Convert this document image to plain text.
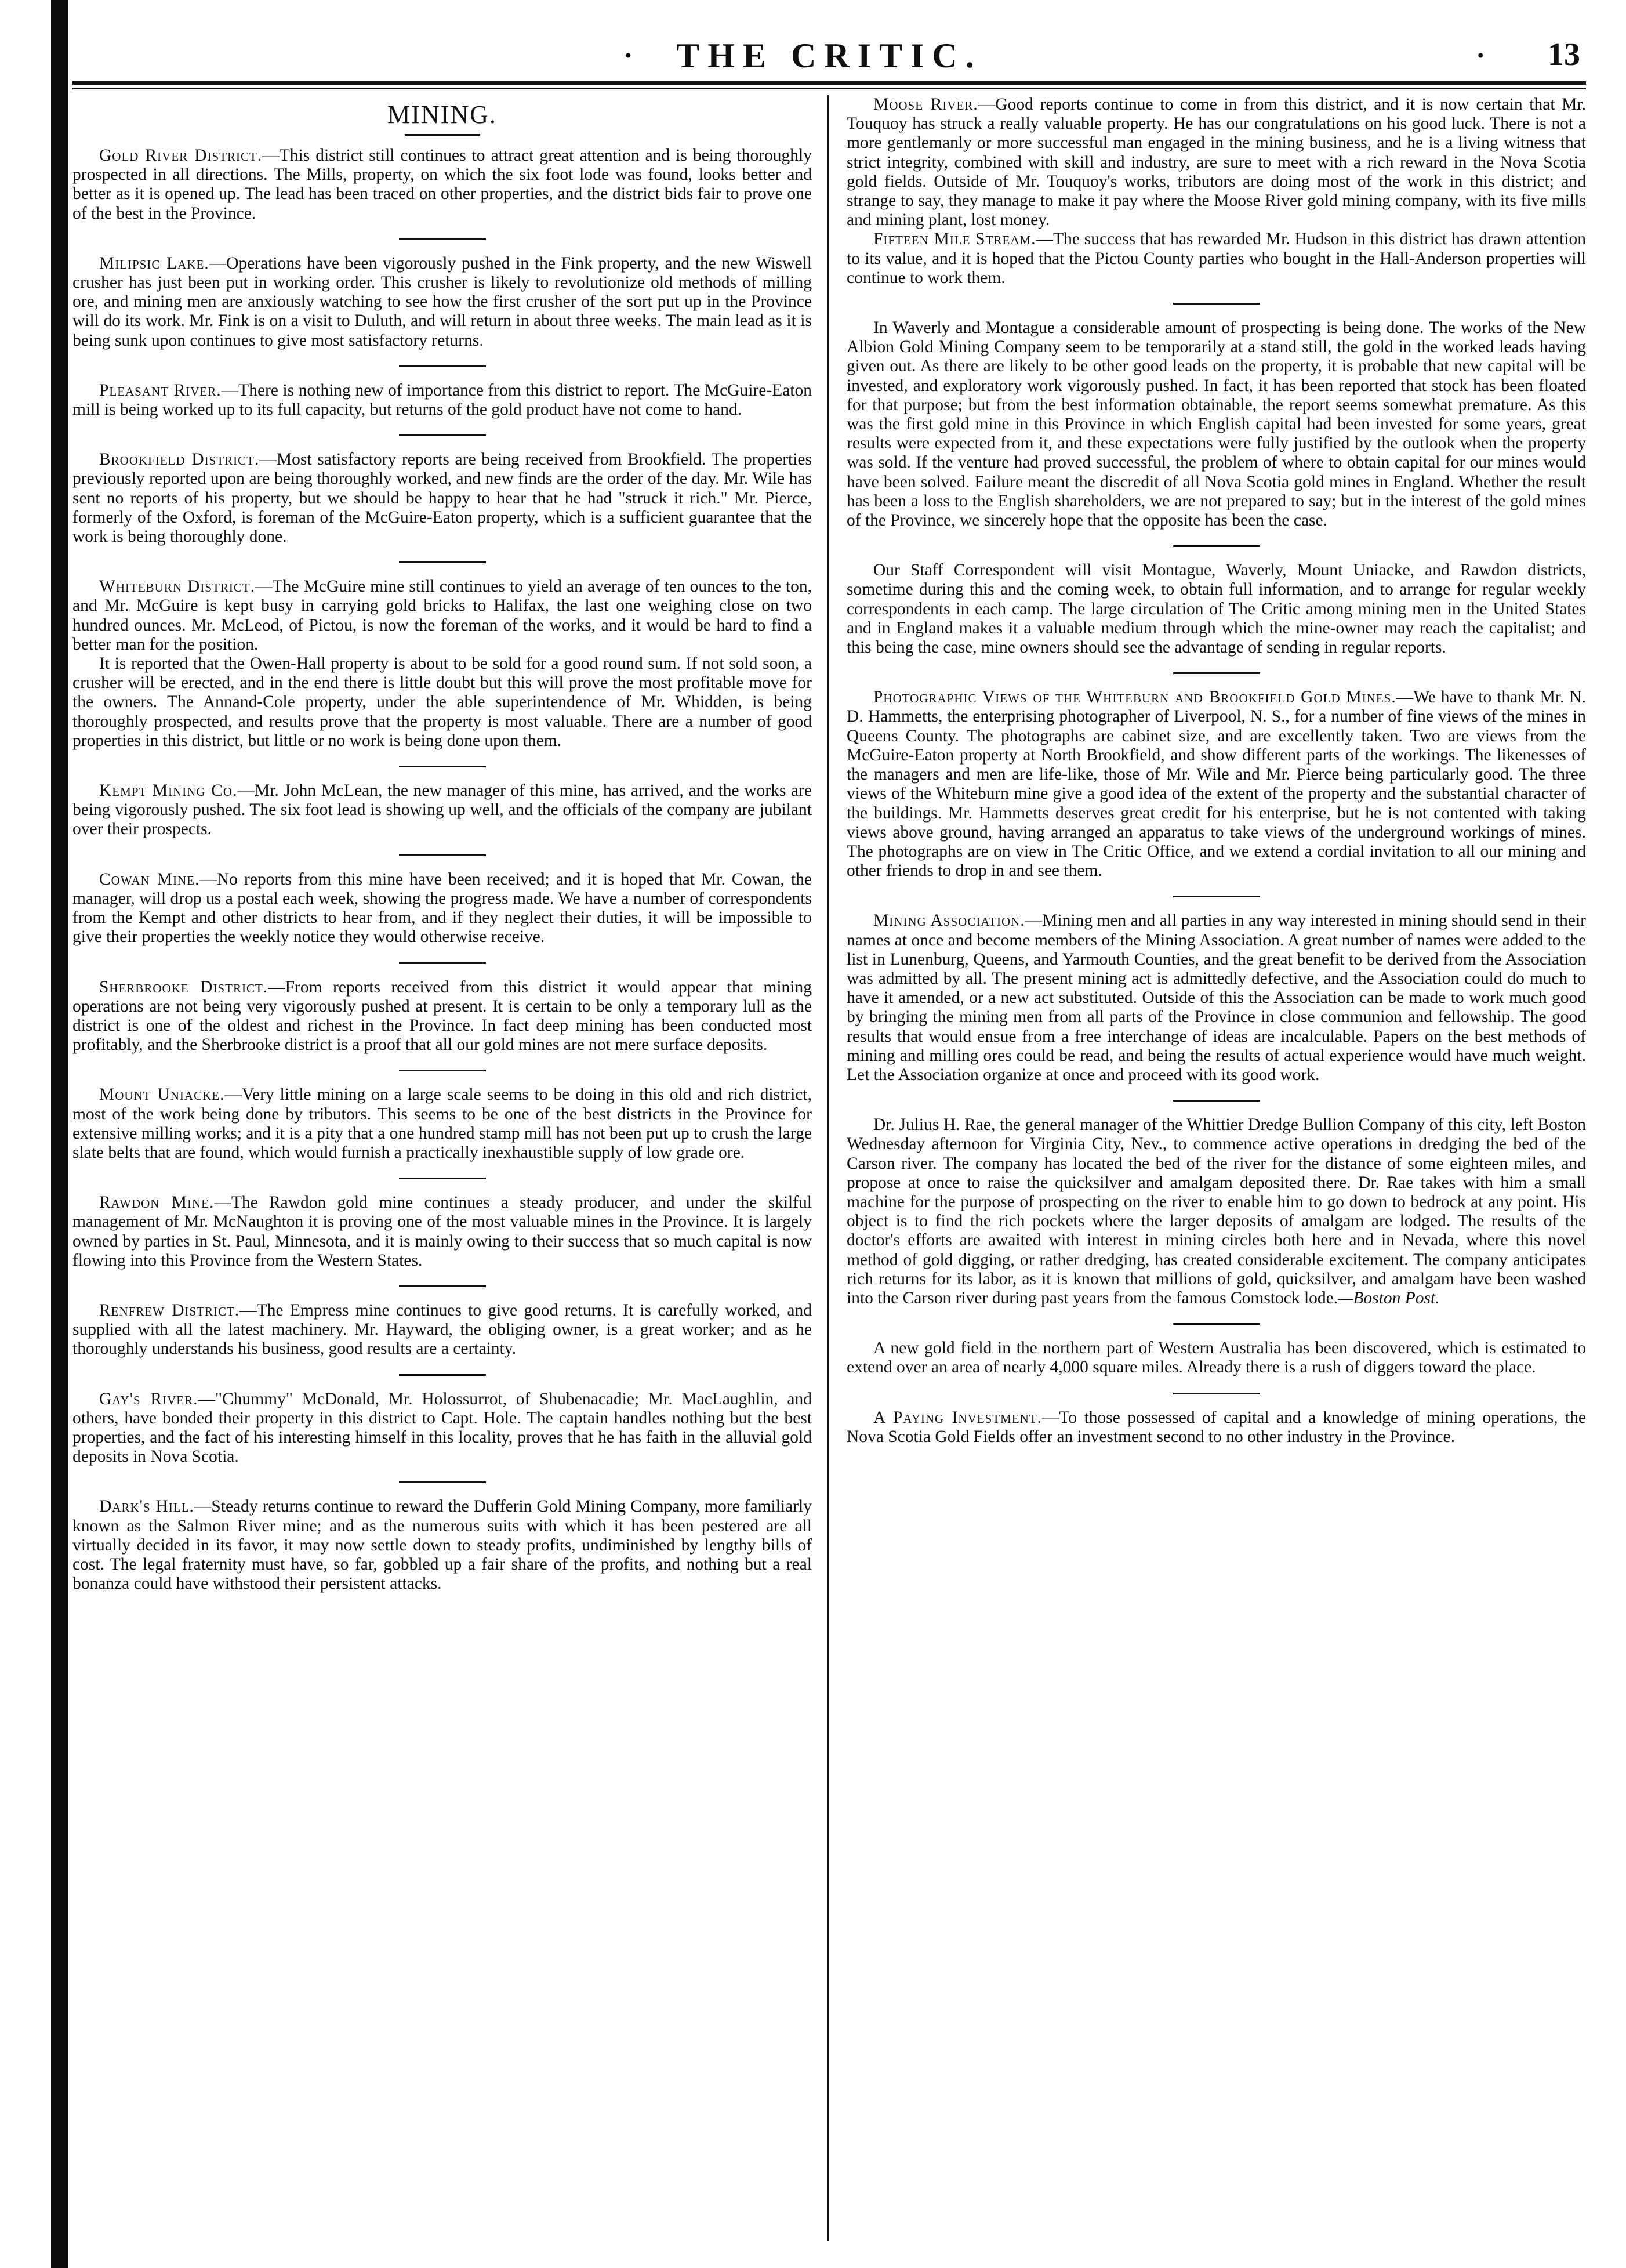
·	THE CRITIC.	· 13
MINING.

Gold River District.—This district still continues to attract great attention and is being thoroughly prospected in all directions. The Mills, property, on which the six foot lode was found, looks better and better as it is opened up. The lead has been traced on other properties, and the district bids fair to prove one of the best in the Province.

Milipsic Lake.—Operations have been vigorously pushed in the Fink property, and the new Wiswell crusher has just been put in working order. This crusher is likely to revolutionize old methods of milling ore, and mining men are anxiously watching to see how the first crusher of the sort put up in the Province will do its work. Mr. Fink is on a visit to Duluth, and will return in about three weeks. The main lead as it is being sunk upon continues to give most satisfactory returns.

Pleasant River.—There is nothing new of importance from this district to report. The McGuire-Eaton mill is being worked up to its full capacity, but returns of the gold product have not come to hand.

Brookfield District.—Most satisfactory reports are being received from Brookfield. The properties previously reported upon are being thoroughly worked, and new finds are the order of the day. Mr. Wile has sent no reports of his property, but we should be happy to hear that he had "struck it rich." Mr. Pierce, formerly of the Oxford, is foreman of the McGuire-Eaton property, which is a sufficient guarantee that the work is being thoroughly done.

Whiteburn District.—The McGuire mine still continues to yield an average of ten ounces to the ton, and Mr. McGuire is kept busy in carrying gold bricks to Halifax, the last one weighing close on two hundred ounces. Mr. McLeod, of Pictou, is now the foreman of the works, and it would be hard to find a better man for the position.

It is reported that the Owen-Hall property is about to be sold for a good round sum. If not sold soon, a crusher will be erected, and in the end there is little doubt but this will prove the most profitable move for the owners. The Annand-Cole property, under the able superintendence of Mr. Whidden, is being thoroughly prospected, and results prove that the property is most valuable. There are a number of good properties in this district, but little or no work is being done upon them.

Kempt Mining Co.—Mr. John McLean, the new manager of this mine, has arrived, and the works are being vigorously pushed. The six foot lead is showing up well, and the officials of the company are jubilant over their prospects.

Cowan Mine.—No reports from this mine have been received; and it is hoped that Mr. Cowan, the manager, will drop us a postal each week, showing the progress made. We have a number of correspondents from the Kempt and other districts to hear from, and if they neglect their duties, it will be impossible to give their properties the weekly notice they would otherwise receive.

Sherbrooke District.—From reports received from this district it would appear that mining operations are not being very vigorously pushed at present. It is certain to be only a temporary lull as the district is one of the oldest and richest in the Province. In fact deep mining has been conducted most profitably, and the Sherbrooke district is a proof that all our gold mines are not mere surface deposits.

Mount Uniacke.—Very little mining on a large scale seems to be doing in this old and rich district, most of the work being done by tributors. This seems to be one of the best districts in the Province for extensive milling works; and it is a pity that a one hundred stamp mill has not been put up to crush the large slate belts that are found, which would furnish a practically inexhaustible supply of low grade ore.

Rawdon Mine.—The Rawdon gold mine continues a steady producer, and under the skilful management of Mr. McNaughton it is proving one of the most valuable mines in the Province. It is largely owned by parties in St. Paul, Minnesota, and it is mainly owing to their success that so much capital is now flowing into this Province from the Western States.

Renfrew District.—The Empress mine continues to give good returns. It is carefully worked, and supplied with all the latest machinery. Mr. Hayward, the obliging owner, is a great worker; and as he thoroughly understands his business, good results are a certainty.

Gay's River.—"Chummy" McDonald, Mr. Holossurrot, of Shubenacadie; Mr. MacLaughlin, and others, have bonded their property in this district to Capt. Hole. The captain handles nothing but the best properties, and the fact of his interesting himself in this locality, proves that he has faith in the alluvial gold deposits in Nova Scotia.

Dark's Hill.—Steady returns continue to reward the Dufferin Gold Mining Company, more familiarly known as the Salmon River mine; and as the numerous suits with which it has been pestered are all virtually decided in its favor, it may now settle down to steady profits, undiminished by lengthy bills of cost. The legal fraternity must have, so far, gobbled up a fair share of the profits, and nothing but a real bonanza could have withstood their persistent attacks.

Moose River.—Good reports continue to come in from this district, and it is now certain that Mr. Touquoy has struck a really valuable property. He has our congratulations on his good luck. There is not a more gentlemanly or more successful man engaged in the mining business, and he is a living witness that strict integrity, combined with skill and industry, are sure to meet with a rich reward in the Nova Scotia gold fields. Outside of Mr. Touquoy's works, tributors are doing most of the work in this district; and strange to say, they manage to make it pay where the Moose River gold mining company, with its five mills and mining plant, lost money.

Fifteen Mile Stream.—The success that has rewarded Mr. Hudson in this district has drawn attention to its value, and it is hoped that the Pictou County parties who bought in the Hall-Anderson properties will continue to work them.

In Waverly and Montague a considerable amount of prospecting is being done. The works of the New Albion Gold Mining Company seem to be temporarily at a stand still, the gold in the worked leads having given out. As there are likely to be other good leads on the property, it is probable that new capital will be invested, and exploratory work vigorously pushed. In fact, it has been reported that stock has been floated for that purpose; but from the best information obtainable, the report seems somewhat premature. As this was the first gold mine in this Province in which English capital had been invested for some years, great results were expected from it, and these expectations were fully justified by the outlook when the property was sold. If the venture had proved successful, the problem of where to obtain capital for our mines would have been solved. Failure meant the discredit of all Nova Scotia gold mines in England. Whether the result has been a loss to the English shareholders, we are not prepared to say; but in the interest of the gold mines of the Province, we sincerely hope that the opposite has been the case.

Our Staff Correspondent will visit Montague, Waverly, Mount Uniacke, and Rawdon districts, sometime during this and the coming week, to obtain full information, and to arrange for regular weekly correspondents in each camp. The large circulation of The Critic among mining men in the United States and in England makes it a valuable medium through which the mine-owner may reach the capitalist; and this being the case, mine owners should see the advantage of sending in regular reports.

Photographic Views of the Whiteburn and Brookfield Gold Mines.—We have to thank Mr. N. D. Hammetts, the enterprising photographer of Liverpool, N. S., for a number of fine views of the mines in Queens County. The photographs are cabinet size, and are excellently taken. Two are views from the McGuire-Eaton property at North Brookfield, and show different parts of the workings. The likenesses of the managers and men are life-like, those of Mr. Wile and Mr. Pierce being particularly good. The three views of the Whiteburn mine give a good idea of the extent of the property and the substantial character of the buildings. Mr. Hammetts deserves great credit for his enterprise, but he is not contented with taking views above ground, having arranged an apparatus to take views of the underground workings of mines. The photographs are on view in The Critic Office, and we extend a cordial invitation to all our mining and other friends to drop in and see them.

Mining Association.—Mining men and all parties in any way interested in mining should send in their names at once and become members of the Mining Association. A great number of names were added to the list in Lunenburg, Queens, and Yarmouth Counties, and the great benefit to be derived from the Association was admitted by all. The present mining act is admittedly defective, and the Association could do much to have it amended, or a new act substituted. Outside of this the Association can be made to work much good by bringing the mining men from all parts of the Province in close communion and fellowship. The good results that would ensue from a free interchange of ideas are incalculable. Papers on the best methods of mining and milling ores could be read, and being the results of actual experience would have much weight. Let the Association organize at once and proceed with its good work.

Dr. Julius H. Rae, the general manager of the Whittier Dredge Bullion Company of this city, left Boston Wednesday afternoon for Virginia City, Nev., to commence active operations in dredging the bed of the Carson river. The company has located the bed of the river for the distance of some eighteen miles, and propose at once to raise the quicksilver and amalgam deposited there. Dr. Rae takes with him a small machine for the purpose of prospecting on the river to enable him to go down to bedrock at any point. His object is to find the rich pockets where the larger deposits of amalgam are lodged. The results of the doctor's efforts are awaited with interest in mining circles both here and in Nevada, where this novel method of gold digging, or rather dredging, has created considerable excitement. The company anticipates rich returns for its labor, as it is known that millions of gold, quicksilver, and amalgam have been washed into the Carson river during past years from the famous Comstock lode.—Boston Post.

A new gold field in the northern part of Western Australia has been discovered, which is estimated to extend over an area of nearly 4,000 square miles. Already there is a rush of diggers toward the place.

A Paying Investment.—To those possessed of capital and a knowledge of mining operations, the Nova Scotia Gold Fields offer an investment second to no other industry in the Province.
